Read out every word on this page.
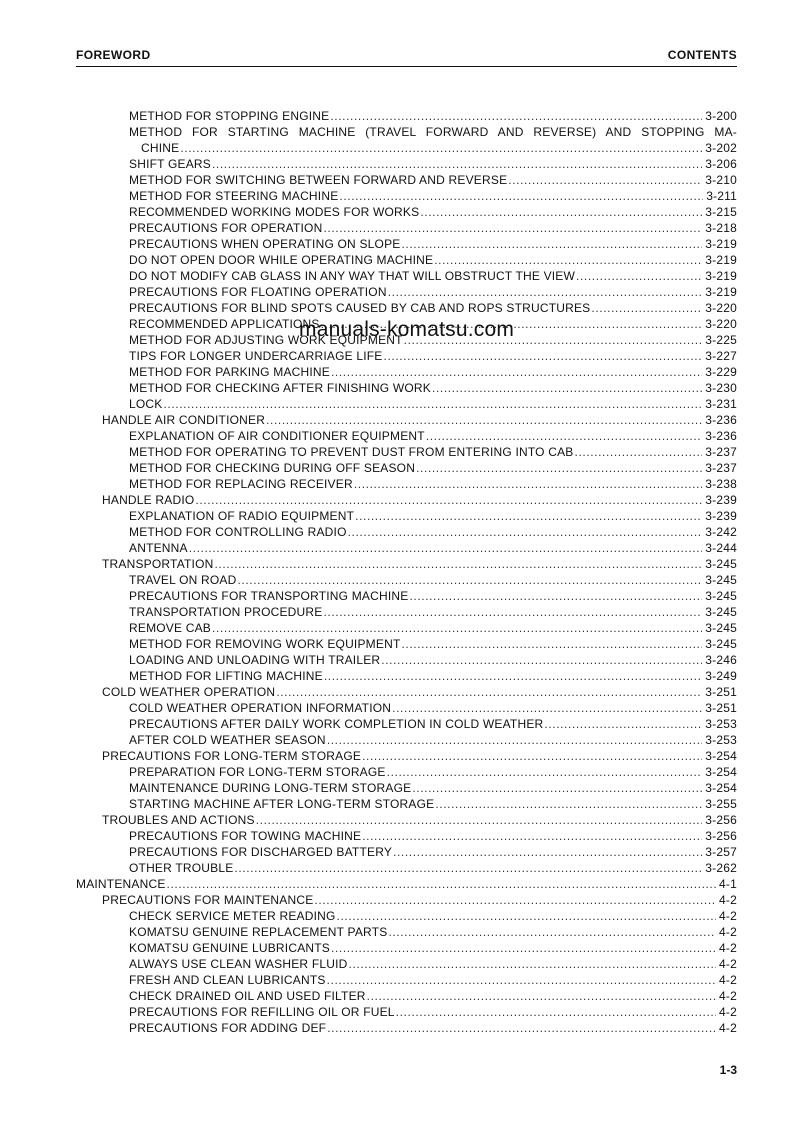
FOREWORD	CONTENTS
METHOD FOR STOPPING ENGINE .....	3-200
METHOD FOR STARTING MACHINE (TRAVEL FORWARD AND REVERSE) AND STOPPING MA-
CHINE .....	3-202
SHIFT GEARS .....	3-206
METHOD FOR SWITCHING BETWEEN FORWARD AND REVERSE .....	3-210
METHOD FOR STEERING MACHINE .....	3-211
RECOMMENDED WORKING MODES FOR WORKS .....	3-215
PRECAUTIONS FOR OPERATION .....	3-218
PRECAUTIONS WHEN OPERATING ON SLOPE .....	3-219
DO NOT OPEN DOOR WHILE OPERATING MACHINE .....	3-219
DO NOT MODIFY CAB GLASS IN ANY WAY THAT WILL OBSTRUCT THE VIEW .....	3-219
PRECAUTIONS FOR FLOATING OPERATION .....	3-219
PRECAUTIONS FOR BLIND SPOTS CAUSED BY CAB AND ROPS STRUCTURES .....	3-220
RECOMMENDED APPLICATIONS .....	3-220
METHOD FOR ADJUSTING WORK EQUIPMENT .....	3-225
TIPS FOR LONGER UNDERCARRIAGE LIFE .....	3-227
METHOD FOR PARKING MACHINE .....	3-229
METHOD FOR CHECKING AFTER FINISHING WORK .....	3-230
LOCK .....	3-231
HANDLE AIR CONDITIONER .....	3-236
EXPLANATION OF AIR CONDITIONER EQUIPMENT .....	3-236
METHOD FOR OPERATING TO PREVENT DUST FROM ENTERING INTO CAB .....	3-237
METHOD FOR CHECKING DURING OFF SEASON .....	3-237
METHOD FOR REPLACING RECEIVER .....	3-238
HANDLE RADIO .....	3-239
EXPLANATION OF RADIO EQUIPMENT .....	3-239
METHOD FOR CONTROLLING RADIO .....	3-242
ANTENNA .....	3-244
TRANSPORTATION .....	3-245
TRAVEL ON ROAD .....	3-245
PRECAUTIONS FOR TRANSPORTING MACHINE .....	3-245
TRANSPORTATION PROCEDURE .....	3-245
REMOVE CAB .....	3-245
METHOD FOR REMOVING WORK EQUIPMENT .....	3-245
LOADING AND UNLOADING WITH TRAILER .....	3-246
METHOD FOR LIFTING MACHINE .....	3-249
COLD WEATHER OPERATION .....	3-251
COLD WEATHER OPERATION INFORMATION .....	3-251
PRECAUTIONS AFTER DAILY WORK COMPLETION IN COLD WEATHER .....	3-253
AFTER COLD WEATHER SEASON .....	3-253
PRECAUTIONS FOR LONG-TERM STORAGE .....	3-254
PREPARATION FOR LONG-TERM STORAGE .....	3-254
MAINTENANCE DURING LONG-TERM STORAGE .....	3-254
STARTING MACHINE AFTER LONG-TERM STORAGE .....	3-255
TROUBLES AND ACTIONS .....	3-256
PRECAUTIONS FOR TOWING MACHINE .....	3-256
PRECAUTIONS FOR DISCHARGED BATTERY .....	3-257
OTHER TROUBLE .....	3-262
MAINTENANCE .....	4-1
PRECAUTIONS FOR MAINTENANCE .....	4-2
CHECK SERVICE METER READING .....	4-2
KOMATSU GENUINE REPLACEMENT PARTS .....	4-2
KOMATSU GENUINE LUBRICANTS .....	4-2
ALWAYS USE CLEAN WASHER FLUID .....	4-2
FRESH AND CLEAN LUBRICANTS .....	4-2
CHECK DRAINED OIL AND USED FILTER .....	4-2
PRECAUTIONS FOR REFILLING OIL OR FUEL .....	4-2
PRECAUTIONS FOR ADDING DEF .....	4-2
manuals-komatsu.com
1-3
